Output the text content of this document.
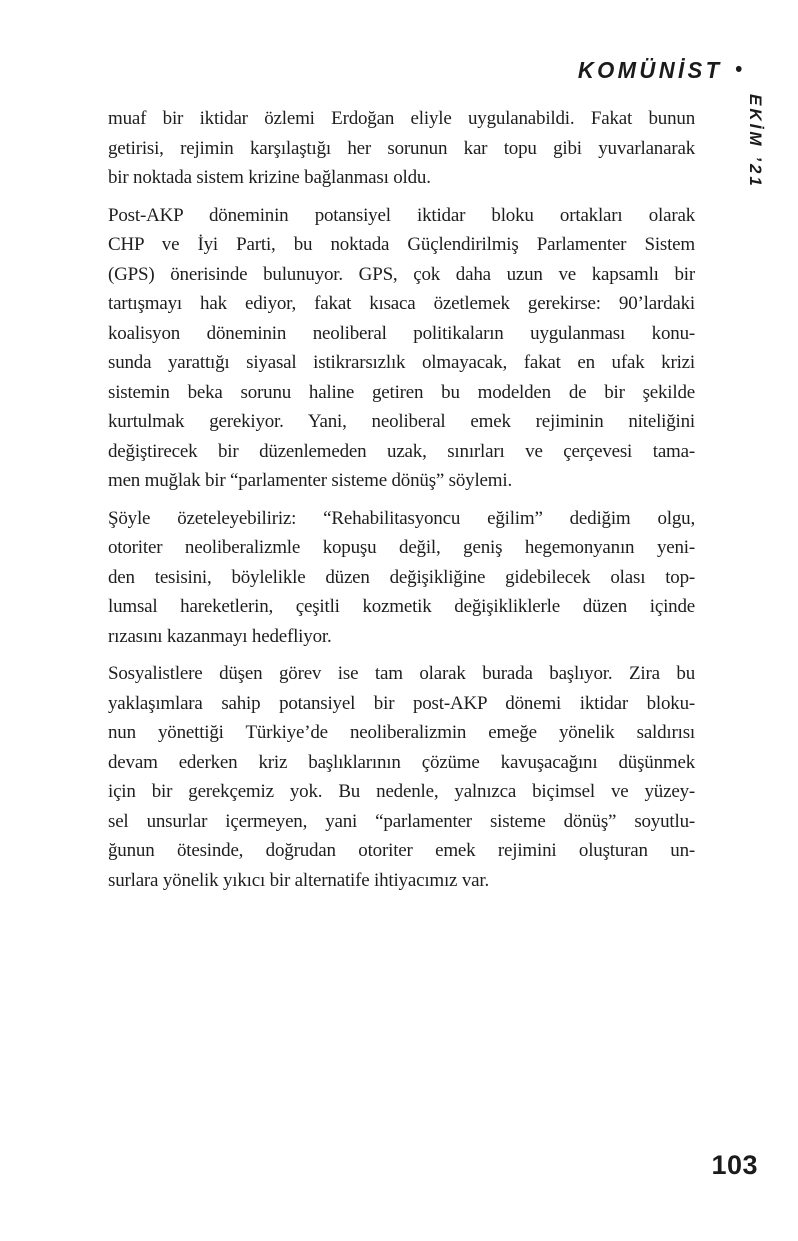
KOMÜNİST •
EKİM ’21
muaf bir iktidar özlemi Erdoğan eliyle uygulanabildi. Fakat bunun
getirisi, rejimin karşılaştığı her sorunun kar topu gibi yuvarlanarak
bir noktada sistem krizine bağlanması oldu.
Post-AKP döneminin potansiyel iktidar bloku ortakları olarak
CHP ve İyi Parti, bu noktada Güçlendirilmiş Parlamenter Sistem
(GPS) önerisinde bulunuyor. GPS, çok daha uzun ve kapsamlı bir
tartışmayı hak ediyor, fakat kısaca özetlemek gerekirse: 90’lardaki
koalisyon döneminin neoliberal politikaların uygulanması konu-
sunda yarattığı siyasal istikrarsızlık olmayacak, fakat en ufak krizi
sistemin beka sorunu haline getiren bu modelden de bir şekilde
kurtulmak gerekiyor. Yani, neoliberal emek rejiminin niteliğini
değiştirecek bir düzenlemeden uzak, sınırları ve çerçevesi tama-
men muğlak bir “parlamenter sisteme dönüş” söylemi.
Şöyle özeteleyebiliriz: “Rehabilitasyoncu eğilim” dediğim olgu,
otoriter neoliberalizmle kopuşu değil, geniş hegemonyanın yeni-
den tesisini, böylelikle düzen değişikliğine gidebilecek olası top-
lumsal hareketlerin, çeşitli kozmetik değişikliklerle düzen içinde
rızasını kazanmayı hedefliyor.
Sosyalistlere düşen görev ise tam olarak burada başlıyor. Zira bu
yaklaşımlara sahip potansiyel bir post-AKP dönemi iktidar bloku-
nun yönettiği Türkiye’de neoliberalizmin emeğe yönelik saldırısı
devam ederken kriz başlıklarının çözüme kavuşacağını düşünmek
için bir gerekçemiz yok. Bu nedenle, yalnızca biçimsel ve yüzey-
sel unsurlar içermeyen, yani “parlamenter sisteme dönüş” soyutlu-
ğunun ötesinde, doğrudan otoriter emek rejimini oluşturan un-
surlara yönelik yıkıcı bir alternatife ihtiyacımız var.
103
